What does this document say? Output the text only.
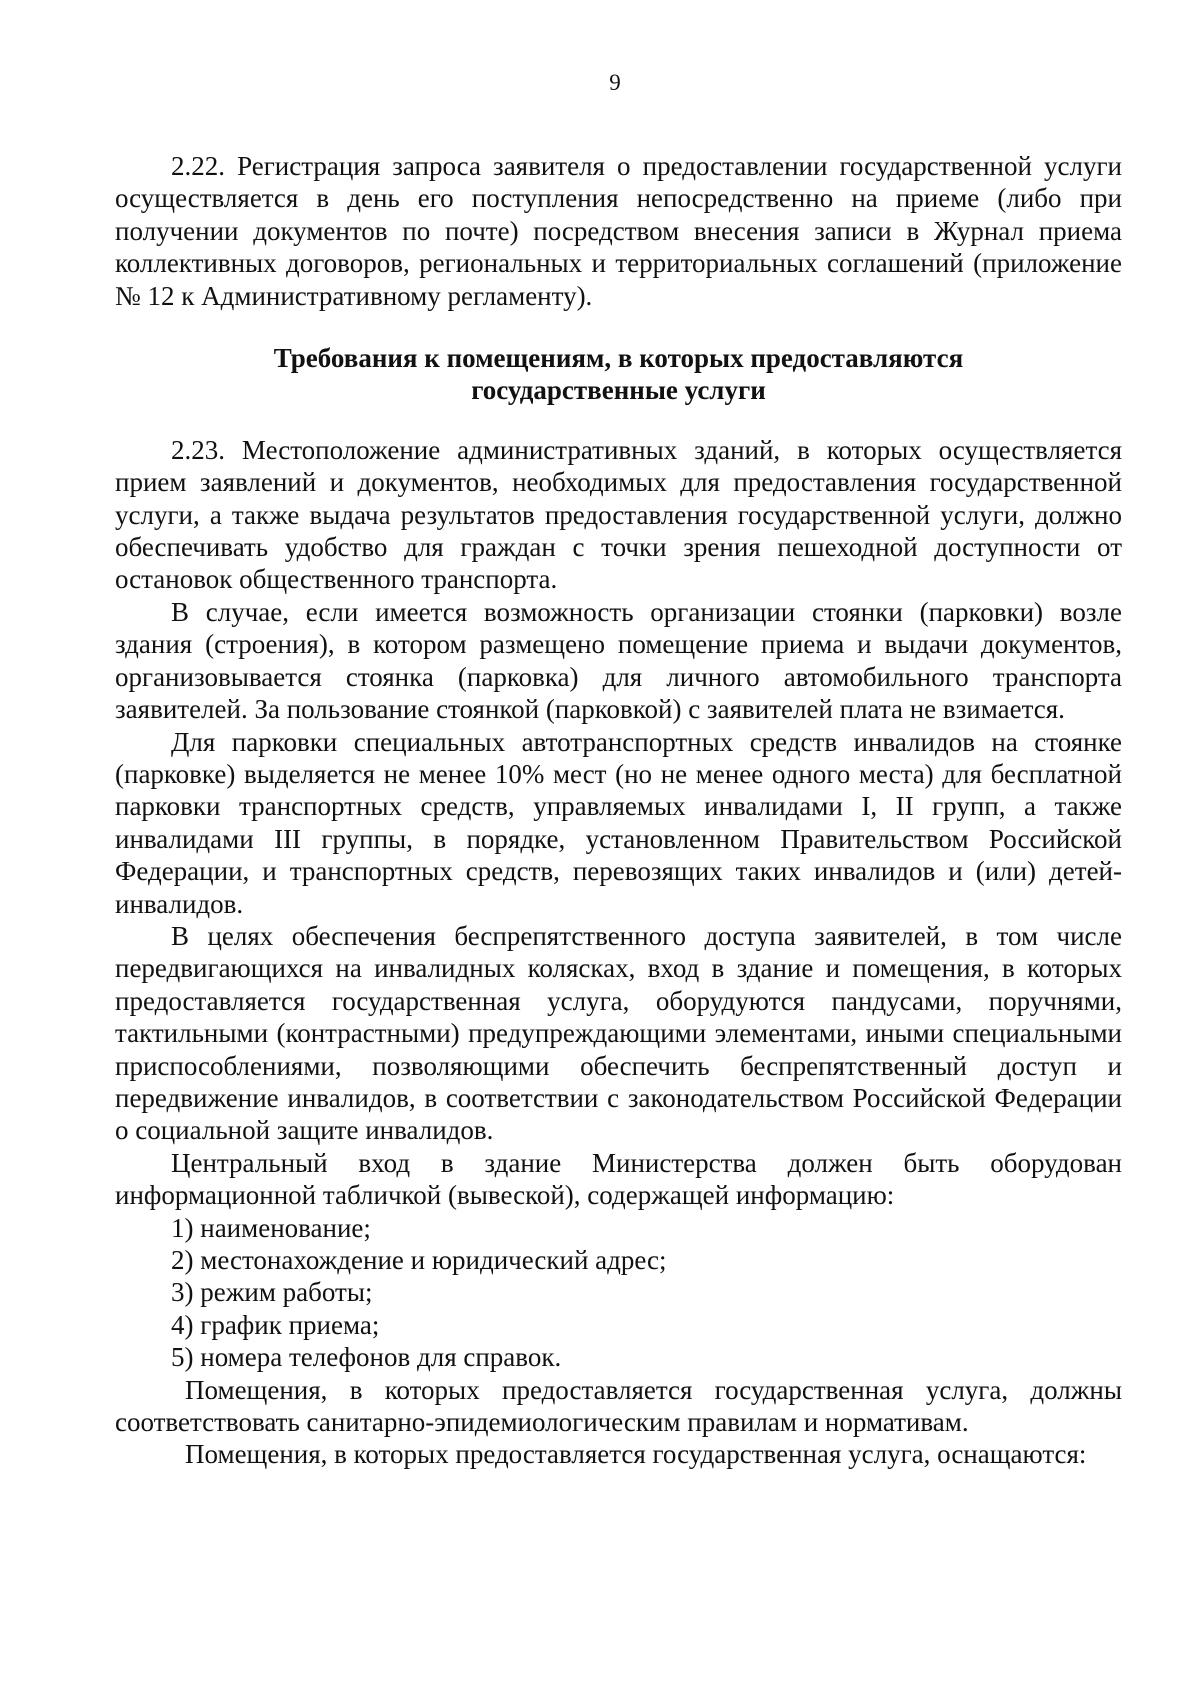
9

2.22. Регистрация запроса заявителя о предоставлении государственной услуги осуществляется в день его поступления непосредственно на приеме (либо при получении документов по почте) посредством внесения записи в Журнал приема коллективных договоров, региональных и территориальных соглашений (приложение № 12 к Административному регламенту).

Требования к помещениям, в которых предоставляются
государственные услуги

2.23. Местоположение административных зданий, в которых осуществляется прием заявлений и документов, необходимых для предоставления государственной услуги, а также выдача результатов предоставления государственной услуги, должно обеспечивать удобство для граждан с точки зрения пешеходной доступности от остановок общественного транспорта.

В случае, если имеется возможность организации стоянки (парковки) возле здания (строения), в котором размещено помещение приема и выдачи документов, организовывается стоянка (парковка) для личного автомобильного транспорта заявителей. За пользование стоянкой (парковкой) с заявителей плата не взимается.

Для парковки специальных автотранспортных средств инвалидов на стоянке (парковке) выделяется не менее 10% мест (но не менее одного места) для бесплатной парковки транспортных средств, управляемых инвалидами I, II групп, а также инвалидами III группы, в порядке, установленном Правительством Российской Федерации, и транспортных средств, перевозящих таких инвалидов и (или) детей-инвалидов.

В целях обеспечения беспрепятственного доступа заявителей, в том числе передвигающихся на инвалидных колясках, вход в здание и помещения, в которых предоставляется государственная услуга, оборудуются пандусами, поручнями, тактильными (контрастными) предупреждающими элементами, иными специальными приспособлениями, позволяющими обеспечить беспрепятственный доступ и передвижение инвалидов, в соответствии с законодательством Российской Федерации о социальной защите инвалидов.

Центральный вход в здание Министерства должен быть оборудован информационной табличкой (вывеской), содержащей информацию:

1) наименование;

2) местонахождение и юридический адрес;

3) режим работы;

4) график приема;

5) номера телефонов для справок.

Помещения, в которых предоставляется государственная услуга, должны соответствовать санитарно-эпидемиологическим правилам и нормативам.

Помещения, в которых предоставляется государственная услуга, оснащаются:
